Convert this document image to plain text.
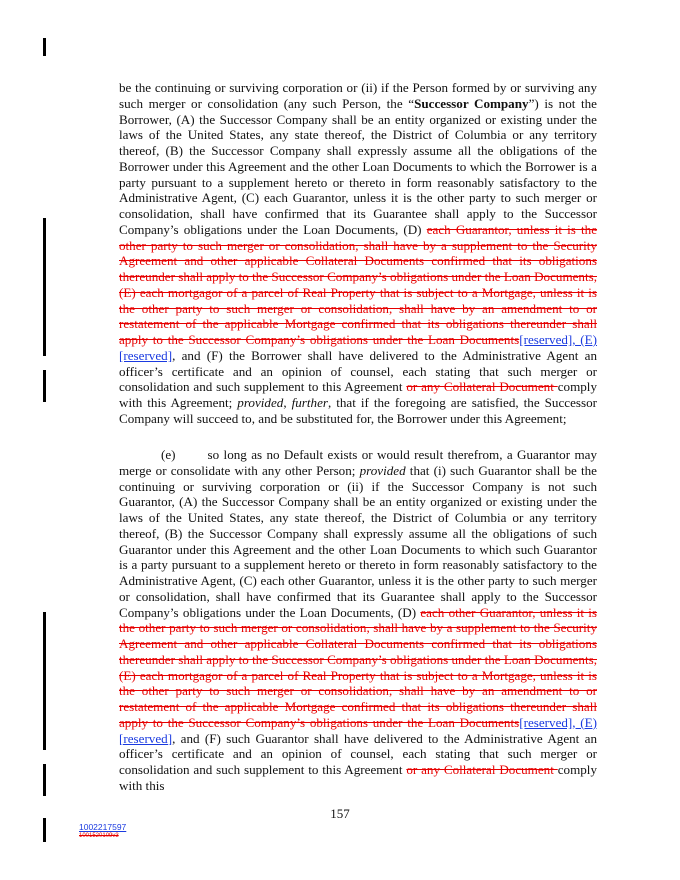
be the continuing or surviving corporation or (ii) if the Person formed by or surviving any such merger or consolidation (any such Person, the “Successor Company”) is not the Borrower, (A) the Successor Company shall be an entity organized or existing under the laws of the United States, any state thereof, the District of Columbia or any territory thereof, (B) the Successor Company shall expressly assume all the obligations of the Borrower under this Agreement and the other Loan Documents to which the Borrower is a party pursuant to a supplement hereto or thereto in form reasonably satisfactory to the Administrative Agent, (C) each Guarantor, unless it is the other party to such merger or consolidation, shall have confirmed that its Guarantee shall apply to the Successor Company’s obligations under the Loan Documents, (D) each Guarantor, unless it is the other party to such merger or consolidation, shall have by a supplement to the Security Agreement and other applicable Collateral Documents confirmed that its obligations thereunder shall apply to the Successor Company’s obligations under the Loan Documents, (E) each mortgagor of a parcel of Real Property that is subject to a Mortgage, unless it is the other party to such merger or consolidation, shall have by an amendment to or restatement of the applicable Mortgage confirmed that its obligations thereunder shall apply to the Successor Company’s obligations under the Loan Documents[reserved], (E) [reserved], and (F) the Borrower shall have delivered to the Administrative Agent an officer’s certificate and an opinion of counsel, each stating that such merger or consolidation and such supplement to this Agreement or any Collateral Document comply with this Agreement; provided, further, that if the foregoing are satisfied, the Successor Company will succeed to, and be substituted for, the Borrower under this Agreement;
(e) so long as no Default exists or would result therefrom, a Guarantor may merge or consolidate with any other Person; provided that (i) such Guarantor shall be the continuing or surviving corporation or (ii) if the Successor Company is not such Guarantor, (A) the Successor Company shall be an entity organized or existing under the laws of the United States, any state thereof, the District of Columbia or any territory thereof, (B) the Successor Company shall expressly assume all the obligations of such Guarantor under this Agreement and the other Loan Documents to which such Guarantor is a party pursuant to a supplement hereto or thereto in form reasonably satisfactory to the Administrative Agent, (C) each other Guarantor, unless it is the other party to such merger or consolidation, shall have confirmed that its Guarantee shall apply to the Successor Company’s obligations under the Loan Documents, (D) each other Guarantor, unless it is the other party to such merger or consolidation, shall have by a supplement to the Security Agreement and other applicable Collateral Documents confirmed that its obligations thereunder shall apply to the Successor Company’s obligations under the Loan Documents, (E) each mortgagor of a parcel of Real Property that is subject to a Mortgage, unless it is the other party to such merger or consolidation, shall have by an amendment to or restatement of the applicable Mortgage confirmed that its obligations thereunder shall apply to the Successor Company’s obligations under the Loan Documents[reserved], (E) [reserved], and (F) such Guarantor shall have delivered to the Administrative Agent an officer’s certificate and an opinion of counsel, each stating that such merger or consolidation and such supplement to this Agreement or any Collateral Document comply with this
157
1002217597
1001520109v3
